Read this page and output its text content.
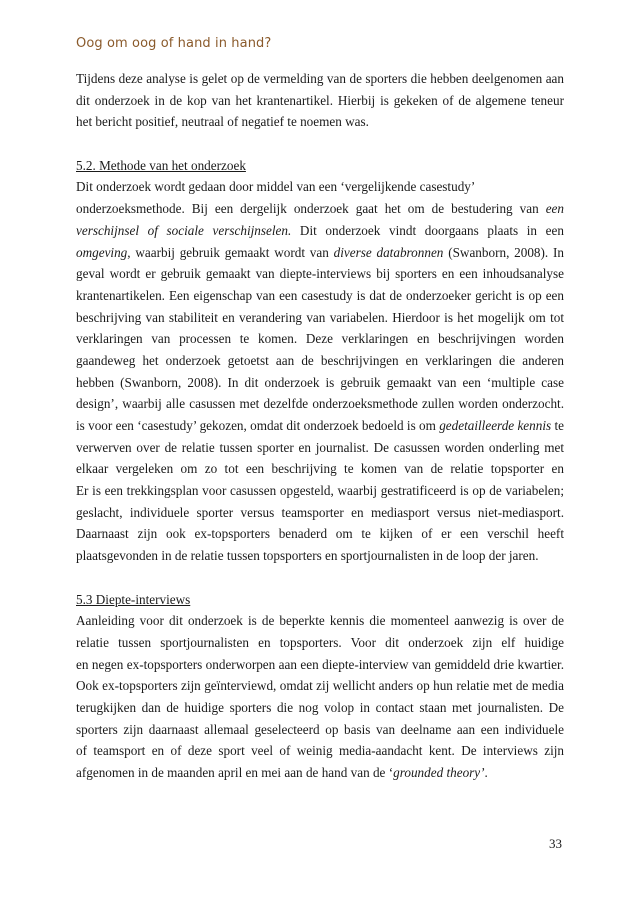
Oog om oog of hand in hand?
Tijdens deze analyse is gelet op de vermelding van de sporters die hebben deelgenomen aan
dit onderzoek in de kop van het krantenartikel. Hierbij is gekeken of de algemene teneur
het bericht positief, neutraal of negatief te noemen was.
5.2. Methode van het onderzoek
Dit onderzoek wordt gedaan door middel van een ‘vergelijkende casestudy’
onderzoeksmethode. Bij een dergelijk onderzoek gaat het om de bestudering van een
verschijnsel of sociale verschijnselen. Dit onderzoek vindt doorgaans plaats in een
omgeving, waarbij gebruik gemaakt wordt van diverse databronnen (Swanborn, 2008). In
geval wordt er gebruik gemaakt van diepte-interviews bij sporters en een inhoudsanalyse
krantenartikelen. Een eigenschap van een casestudy is dat de onderzoeker gericht is op een
beschrijving van stabiliteit en verandering van variabelen. Hierdoor is het mogelijk om tot
verklaringen van processen te komen. Deze verklaringen en beschrijvingen worden
gaandeweg het onderzoek getoetst aan de beschrijvingen en verklaringen die anderen
hebben (Swanborn, 2008). In dit onderzoek is gebruik gemaakt van een ‘multiple case
design’, waarbij alle casussen met dezelfde onderzoeksmethode zullen worden onderzocht.
is voor een ‘casestudy’ gekozen, omdat dit onderzoek bedoeld is om gedetailleerde kennis te
verwerven over de relatie tussen sporter en journalist. De casussen worden onderling met
elkaar vergeleken om zo tot een beschrijving te komen van de relatie topsporter en
Er is een trekkingsplan voor casussen opgesteld, waarbij gestratificeerd is op de variabelen;
geslacht, individuele sporter versus teamsporter en mediasport versus niet-mediasport.
Daarnaast zijn ook ex-topsporters benaderd om te kijken of er een verschil heeft
plaatsgevonden in de relatie tussen topsporters en sportjournalisten in de loop der jaren.
5.3 Diepte-interviews
Aanleiding voor dit onderzoek is de beperkte kennis die momenteel aanwezig is over de
relatie tussen sportjournalisten en topsporters. Voor dit onderzoek zijn elf huidige
en negen ex-topsporters onderworpen aan een diepte-interview van gemiddeld drie kwartier.
Ook ex-topsporters zijn geïnterviewd, omdat zij wellicht anders op hun relatie met de media
terugkijken dan de huidige sporters die nog volop in contact staan met journalisten. De
sporters zijn daarnaast allemaal geselecteerd op basis van deelname aan een individuele
of teamsport en of deze sport veel of weinig media-aandacht kent. De interviews zijn
afgenomen in de maanden april en mei aan de hand van de ‘grounded theory’.
33
